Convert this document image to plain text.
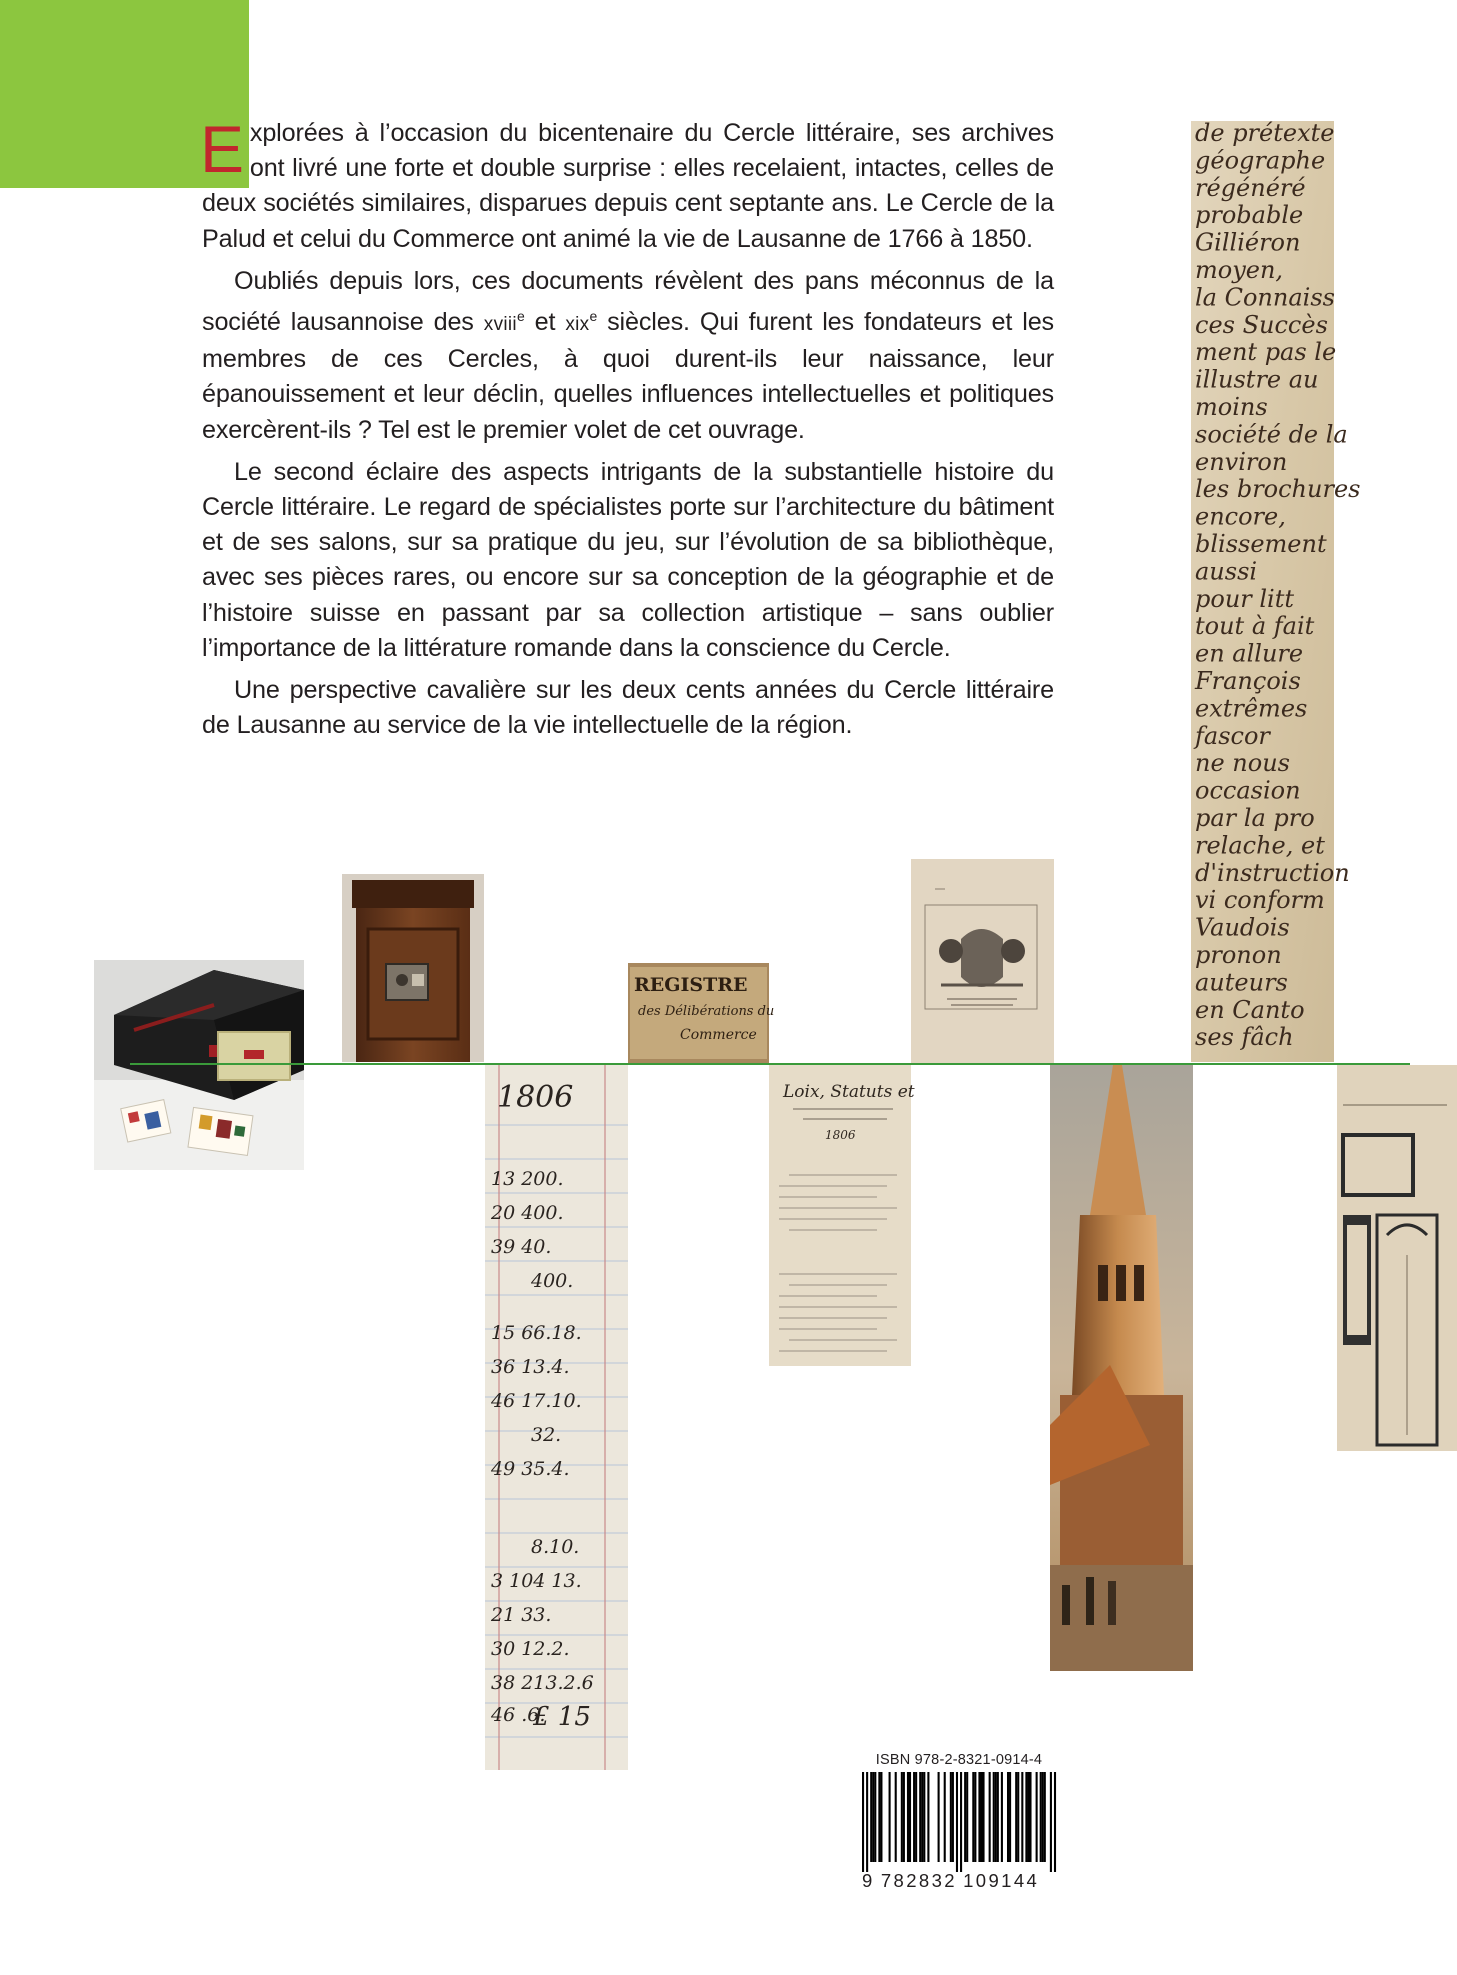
Explorées à l’occasion du bicentenaire du Cercle littéraire, ses archives ont livré une forte et double surprise : elles recelaient, intactes, celles de deux sociétés similaires, disparues depuis cent septante ans. Le Cercle de la Palud et celui du Commerce ont animé la vie de Lausanne de 1766 à 1850.

Oubliés depuis lors, ces documents révèlent des pans méconnus de la société lausannoise des xviii$^e$ et xix$^e$ siècles. Qui furent les fondateurs et les membres de ces Cercles, à quoi durent-ils leur naissance, leur épanouissement et leur déclin, quelles influences intellectuelles et politiques exercèrent-ils ? Tel est le premier volet de cet ouvrage.

Le second éclaire des aspects intrigants de la substantielle histoire du Cercle littéraire. Le regard de spécialistes porte sur l’architecture du bâtiment et de ses salons, sur sa pratique du jeu, sur l’évolution de sa bibliothèque, avec ses pièces rares, ou encore sur sa conception de la géographie et de l’histoire suisse en passant par sa collection artistique – sans oublier l’importance de la littérature romande dans la conscience du Cercle.

Une perspective cavalière sur les deux cents années du Cercle littéraire de Lausanne au service de la vie intellectuelle de la région.

de prétexte
géographe
régénéré
probable
Gilliéron
moyen,
la Connaiss
ces Succès
ment pas le
illustre au
moins
société de la
environ
les brochures
encore,
blissement
aussi
pour litt
tout à fait
en allure
François
extrêmes
fascor
ne nous
occasion
par la pro
relache, et
d'instruction
vi conform
Vaudois
pronon
auteurs
en Canto
ses fâch
REGISTRE
des Délibérations du
Commerce
1806
13 200.
20 400.
39 40.
400.
15 66.18.
36 13.4.
46 17.10.
32.
49 35.4.
8.10.
3 104 13.
21 33.
30 12.2.
38 213.2.6
46 .6.
£ 15
Loix, Statuts et
1806
ISBN 978-2-8321-0914-4
9  782832  109144
